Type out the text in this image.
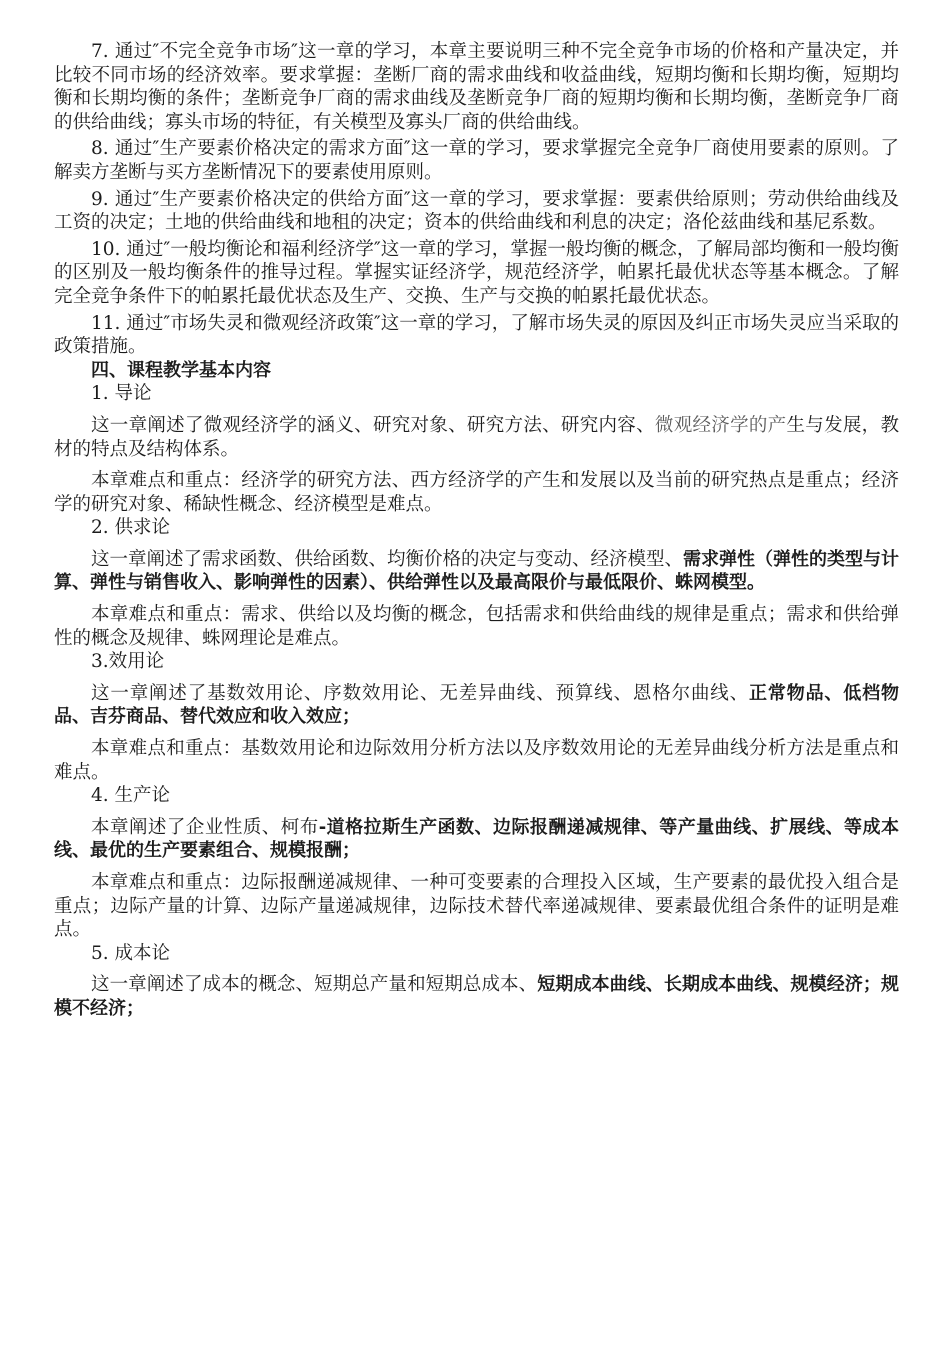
7. 通过″不完全竞争市场″这一章的学习，本章主要说明三种不完全竞争市场的价格和产量决定，并比较不同市场的经济效率。要求掌握：垄断厂商的需求曲线和收益曲线，短期均衡和长期均衡，短期均衡和长期均衡的条件；垄断竞争厂商的需求曲线及垄断竞争厂商的短期均衡和长期均衡，垄断竞争厂商的供给曲线；寡头市场的特征，有关模型及寡头厂商的供给曲线。

8. 通过″生产要素价格决定的需求方面″这一章的学习，要求掌握完全竞争厂商使用要素的原则。了解卖方垄断与买方垄断情况下的要素使用原则。

9. 通过″生产要素价格决定的供给方面″这一章的学习，要求掌握：要素供给原则；劳动供给曲线及工资的决定；土地的供给曲线和地租的决定；资本的供给曲线和利息的决定；洛伦兹曲线和基尼系数。

10. 通过″一般均衡论和福利经济学″这一章的学习，掌握一般均衡的概念，了解局部均衡和一般均衡的区别及一般均衡条件的推导过程。掌握实证经济学，规范经济学，帕累托最优状态等基本概念。了解完全竞争条件下的帕累托最优状态及生产、交换、生产与交换的帕累托最优状态。

11. 通过″市场失灵和微观经济政策″这一章的学习，了解市场失灵的原因及纠正市场失灵应当采取的政策措施。

四、课程教学基本内容

1. 导论

这一章阐述了微观经济学的涵义、研究对象、研究方法、研究内容、微观经济学的产生与发展，教材的特点及结构体系。

本章难点和重点：经济学的研究方法、西方经济学的产生和发展以及当前的研究热点是重点；经济学的研究对象、稀缺性概念、经济模型是难点。

2. 供求论

这一章阐述了需求函数、供给函数、均衡价格的决定与变动、经济模型、需求弹性（弹性的类型与计算、弹性与销售收入、影响弹性的因素）、供给弹性以及最高限价与最低限价、蛛网模型。

本章难点和重点：需求、供给以及均衡的概念，包括需求和供给曲线的规律是重点；需求和供给弹性的概念及规律、蛛网理论是难点。

3.效用论

这一章阐述了基数效用论、序数效用论、无差异曲线、预算线、恩格尔曲线、正常物品、低档物品、吉芬商品、替代效应和收入效应；

本章难点和重点：基数效用论和边际效用分析方法以及序数效用论的无差异曲线分析方法是重点和难点。

4. 生产论

本章阐述了企业性质、柯布-道格拉斯生产函数、边际报酬递减规律、等产量曲线、扩展线、等成本线、最优的生产要素组合、规模报酬；

本章难点和重点：边际报酬递减规律、一种可变要素的合理投入区域，生产要素的最优投入组合是重点；边际产量的计算、边际产量递减规律，边际技术替代率递减规律、要素最优组合条件的证明是难点。

5. 成本论

这一章阐述了成本的概念、短期总产量和短期总成本、短期成本曲线、长期成本曲线、规模经济；规模不经济；
